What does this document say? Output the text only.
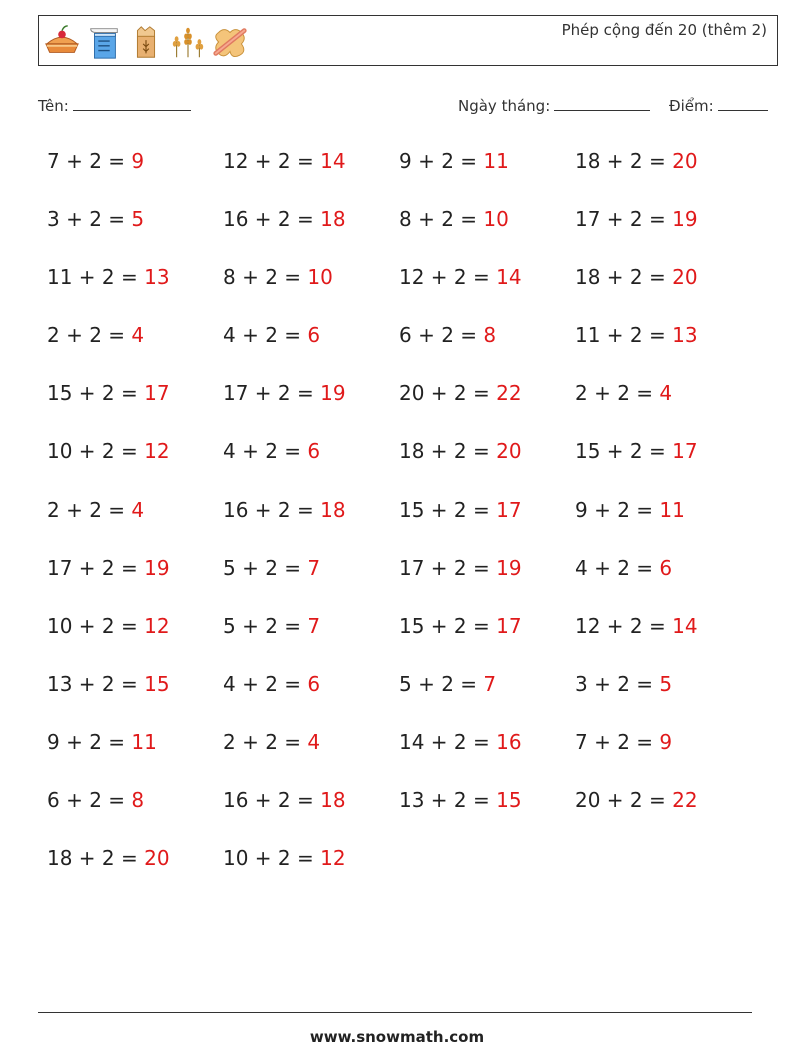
Phép cộng đến 20 (thêm 2)
Tên:	Ngày tháng:	Điểm:
7 + 2 = 9	12 + 2 = 14	9 + 2 = 11	18 + 2 = 20
3 + 2 = 5	16 + 2 = 18	8 + 2 = 10	17 + 2 = 19
11 + 2 = 13	8 + 2 = 10	12 + 2 = 14	18 + 2 = 20
2 + 2 = 4	4 + 2 = 6	6 + 2 = 8	11 + 2 = 13
15 + 2 = 17	17 + 2 = 19	20 + 2 = 22	2 + 2 = 4
10 + 2 = 12	4 + 2 = 6	18 + 2 = 20	15 + 2 = 17
2 + 2 = 4	16 + 2 = 18	15 + 2 = 17	9 + 2 = 11
17 + 2 = 19	5 + 2 = 7	17 + 2 = 19	4 + 2 = 6
10 + 2 = 12	5 + 2 = 7	15 + 2 = 17	12 + 2 = 14
13 + 2 = 15	4 + 2 = 6	5 + 2 = 7	3 + 2 = 5
9 + 2 = 11	2 + 2 = 4	14 + 2 = 16	7 + 2 = 9
6 + 2 = 8	16 + 2 = 18	13 + 2 = 15	20 + 2 = 22
18 + 2 = 20	10 + 2 = 12
www.snowmath.com
